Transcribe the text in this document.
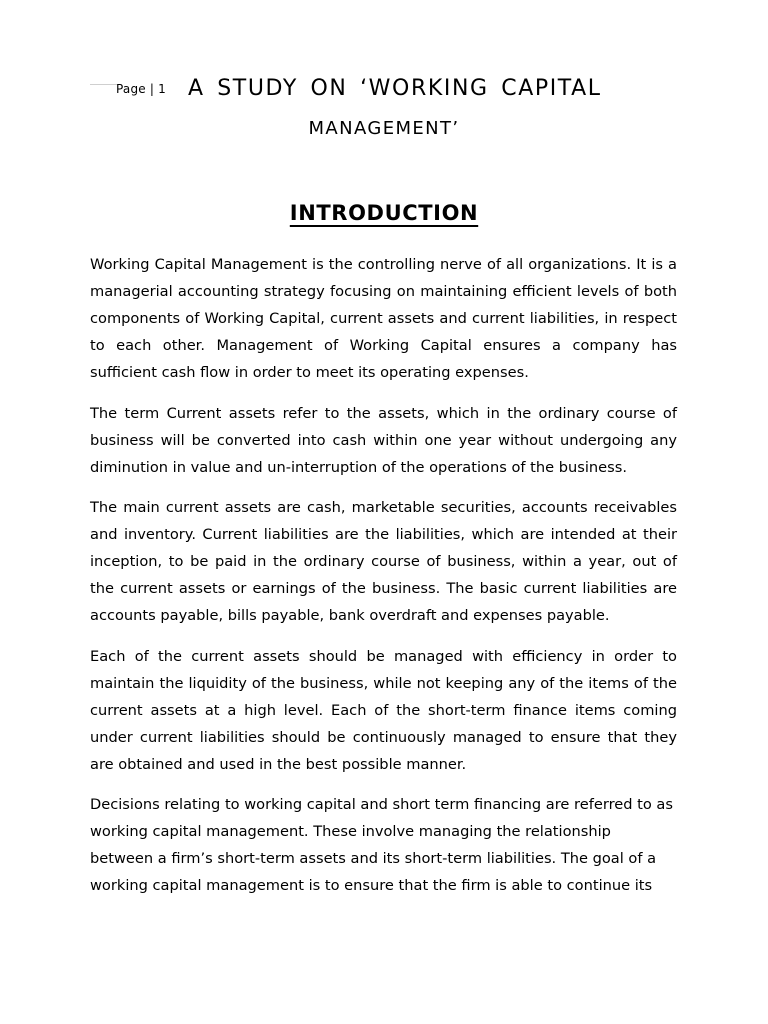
Page | 1 A STUDY ON ‘WORKING CAPITAL
MANAGEMENT’
INTRODUCTION

Working Capital Management is the controlling nerve of all organizations. It is a managerial accounting strategy focusing on maintaining efficient levels of both components of Working Capital, current assets and current liabilities, in respect to each other. Management of Working Capital ensures a company has sufficient cash flow in order to meet its operating expenses.

The term Current assets refer to the assets, which in the ordinary course of business will be converted into cash within one year without undergoing any diminution in value and un-interruption of the operations of the business.

The main current assets are cash, marketable securities, accounts receivables and inventory. Current liabilities are the liabilities, which are intended at their inception, to be paid in the ordinary course of business, within a year, out of the current assets or earnings of the business. The basic current liabilities are accounts payable, bills payable, bank overdraft and expenses payable.

Each of the current assets should be managed with efficiency in order to maintain the liquidity of the business, while not keeping any of the items of the current assets at a high level. Each of the short-term finance items coming under current liabilities should be continuously managed to ensure that they are obtained and used in the best possible manner.

Decisions relating to working capital and short term financing are referred to as working capital management. These involve managing the relationship between a firm’s short-term assets and its short-term liabilities. The goal of a working capital management is to ensure that the firm is able to continue its
